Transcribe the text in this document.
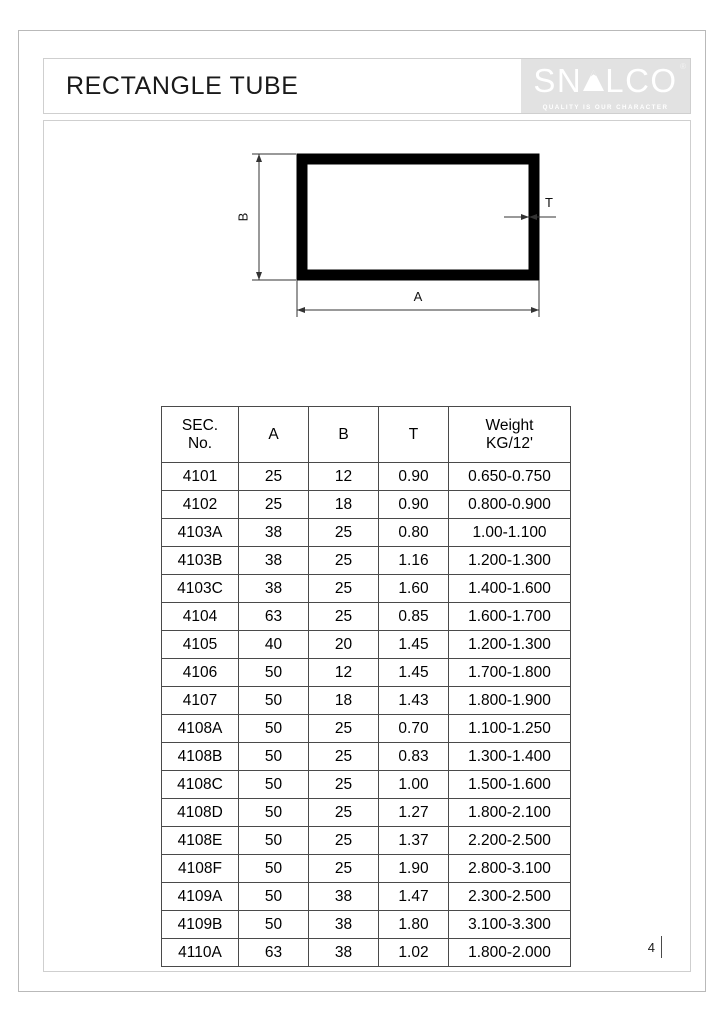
RECTANGLE TUBE
®
SN LCO
QUALITY IS OUR CHARACTER
B
A
T
SEC.
No.	A	B	T	Weight
KG/12'

4101	25	12	0.90	0.650-0.750
4102	25	18	0.90	0.800-0.900
4103A	38	25	0.80	1.00-1.100
4103B	38	25	1.16	1.200-1.300
4103C	38	25	1.60	1.400-1.600
4104	63	25	0.85	1.600-1.700
4105	40	20	1.45	1.200-1.300
4106	50	12	1.45	1.700-1.800
4107	50	18	1.43	1.800-1.900
4108A	50	25	0.70	1.100-1.250
4108B	50	25	0.83	1.300-1.400
4108C	50	25	1.00	1.500-1.600
4108D	50	25	1.27	1.800-2.100
4108E	50	25	1.37	2.200-2.500
4108F	50	25	1.90	2.800-3.100
4109A	50	38	1.47	2.300-2.500
4109B	50	38	1.80	3.100-3.300
4110A	63	38	1.02	1.800-2.000	4
